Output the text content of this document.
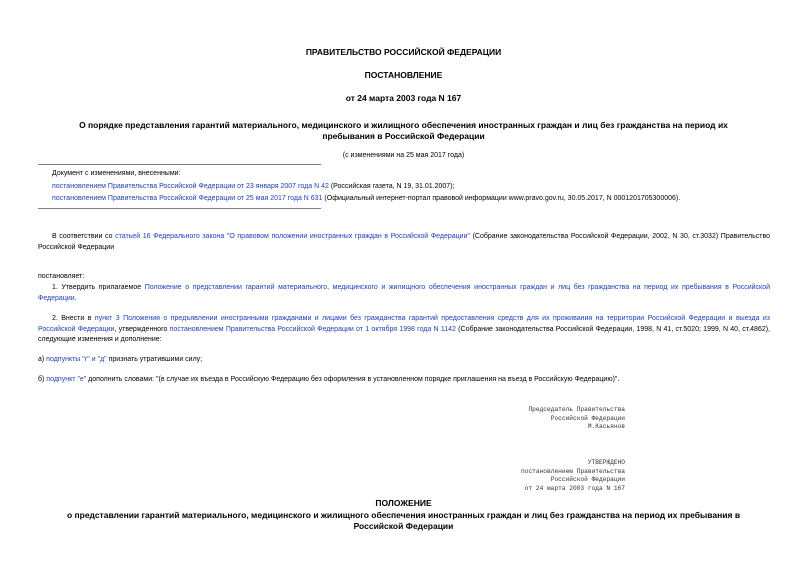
ПРАВИТЕЛЬСТВО РОССИЙСКОЙ ФЕДЕРАЦИИ
ПОСТАНОВЛЕНИЕ
от 24 марта 2003 года N 167
О порядке представления гарантий материального, медицинского и жилищного обеспечения иностранных граждан и лиц без гражданства на период их
пребывания в Российской Федерации
(с изменениями на 25 мая 2017 года)
Документ с изменениями, внесенными:
постановлением Правительства Российской Федерации от 23 января 2007 года N 42 (Российская газета, N 19, 31.01.2007);
постановлением Правительства Российской Федерации от 25 мая 2017 года N 631 (Официальный интернет-портал правовой информации www.pravo.gov.ru, 30.05.2017, N 0001201705300006).
В соответствии со статьей 16 Федерального закона "О правовом положении иностранных граждан в Российской Федерации" (Собрание законодательства Российской Федерации, 2002, N 30, ст.3032) Правительство Российской Федерации
постановляет:
1. Утвердить прилагаемое Положение о представлении гарантий материального, медицинского и жилищного обеспечения иностранных граждан и лиц без гражданства на период их пребывания в Российской Федерации.
2. Внести в пункт 3 Положения о предъявлении иностранными гражданами и лицами без гражданства гарантий предоставления средств для их проживания на территории Российской Федерации и выезда из Российской Федерации, утвержденного постановлением Правительства Российской Федерации от 1 октября 1998 года N 1142 (Собрание законодательства Российской Федерации, 1998, N 41, ст.5020; 1999, N 40, ст.4862), следующие изменения и дополнение:
а) подпункты "г" и "д" признать утратившими силу;
б) подпункт "е" дополнить словами: "(в случае их въезда в Российскую Федерацию без оформления в установленном порядке приглашения на въезд в Российскую Федерацию)".
Председатель Правительства
Российской Федерации
М.Касьянов
УТВЕРЖДЕНО
постановлением Правительства
Российской Федерации
от 24 марта 2003 года N 167
ПОЛОЖЕНИЕ
о представлении гарантий материального, медицинского и жилищного обеспечения иностранных граждан и лиц без гражданства на период их пребывания в
Российской Федерации
